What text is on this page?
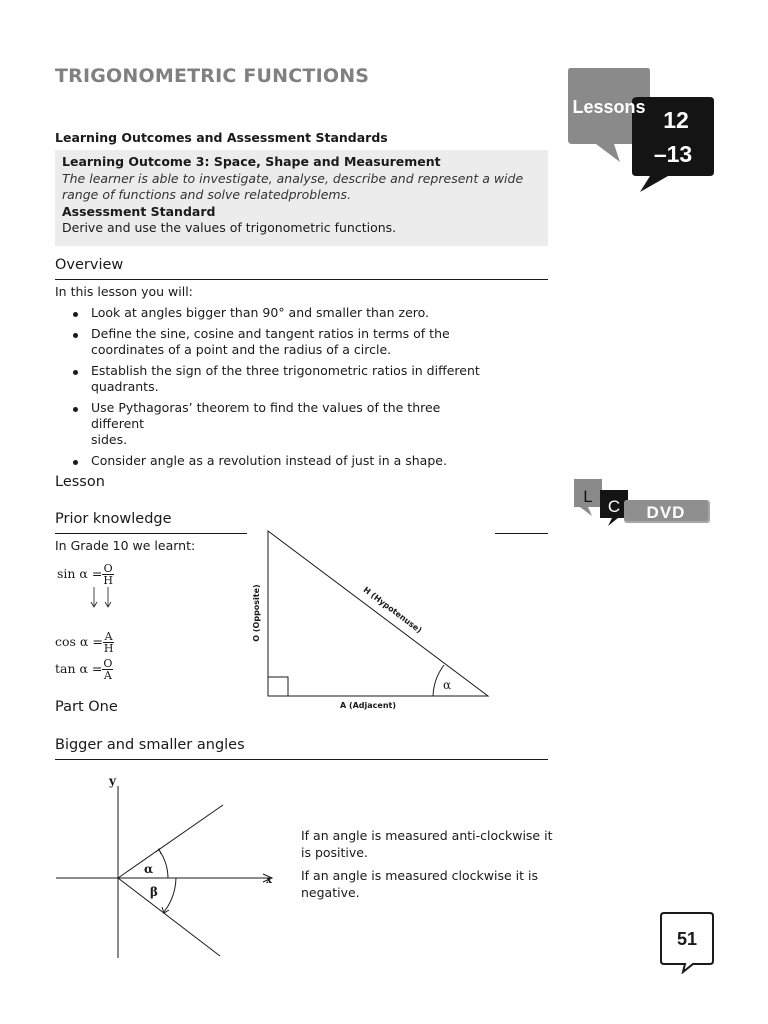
TRIGONOMETRIC FUNCTIONS
Lessons 12
–13
Learning Outcomes and Assessment Standards
Learning Outcome 3: Space, Shape and Measurement
The learner is able to investigate, analyse, describe and represent a wide
range of functions and solve relatedproblems.
Assessment Standard
Derive and use the values of trigonometric functions.
Overview
In this lesson you will:
Look at angles bigger than 90° and smaller than zero.
Define the sine, cosine and tangent ratios in terms of the
coordinates of a point and the radius of a circle.
Establish the sign of the three trigonometric ratios in different
quadrants.
Use Pythagoras’ theorem to find the values of the three different
sides.
Consider angle as a revolution instead of just in a shape.
Lesson
L
C DVD
Prior knowledge
In Grade 10 we learnt:
$\sin \alpha = \frac{O}{H}$
$\cos \alpha = \frac{A}{H}$
$\tan \alpha = \frac{O}{A}$
α
O (Opposite)	H (Hypotenuse)
A (Adjacent)
Part One
Bigger and smaller angles
y
x
α
β
If an angle is measured anti-clockwise it
is positive.
If an angle is measured clockwise it is
negative.
51
